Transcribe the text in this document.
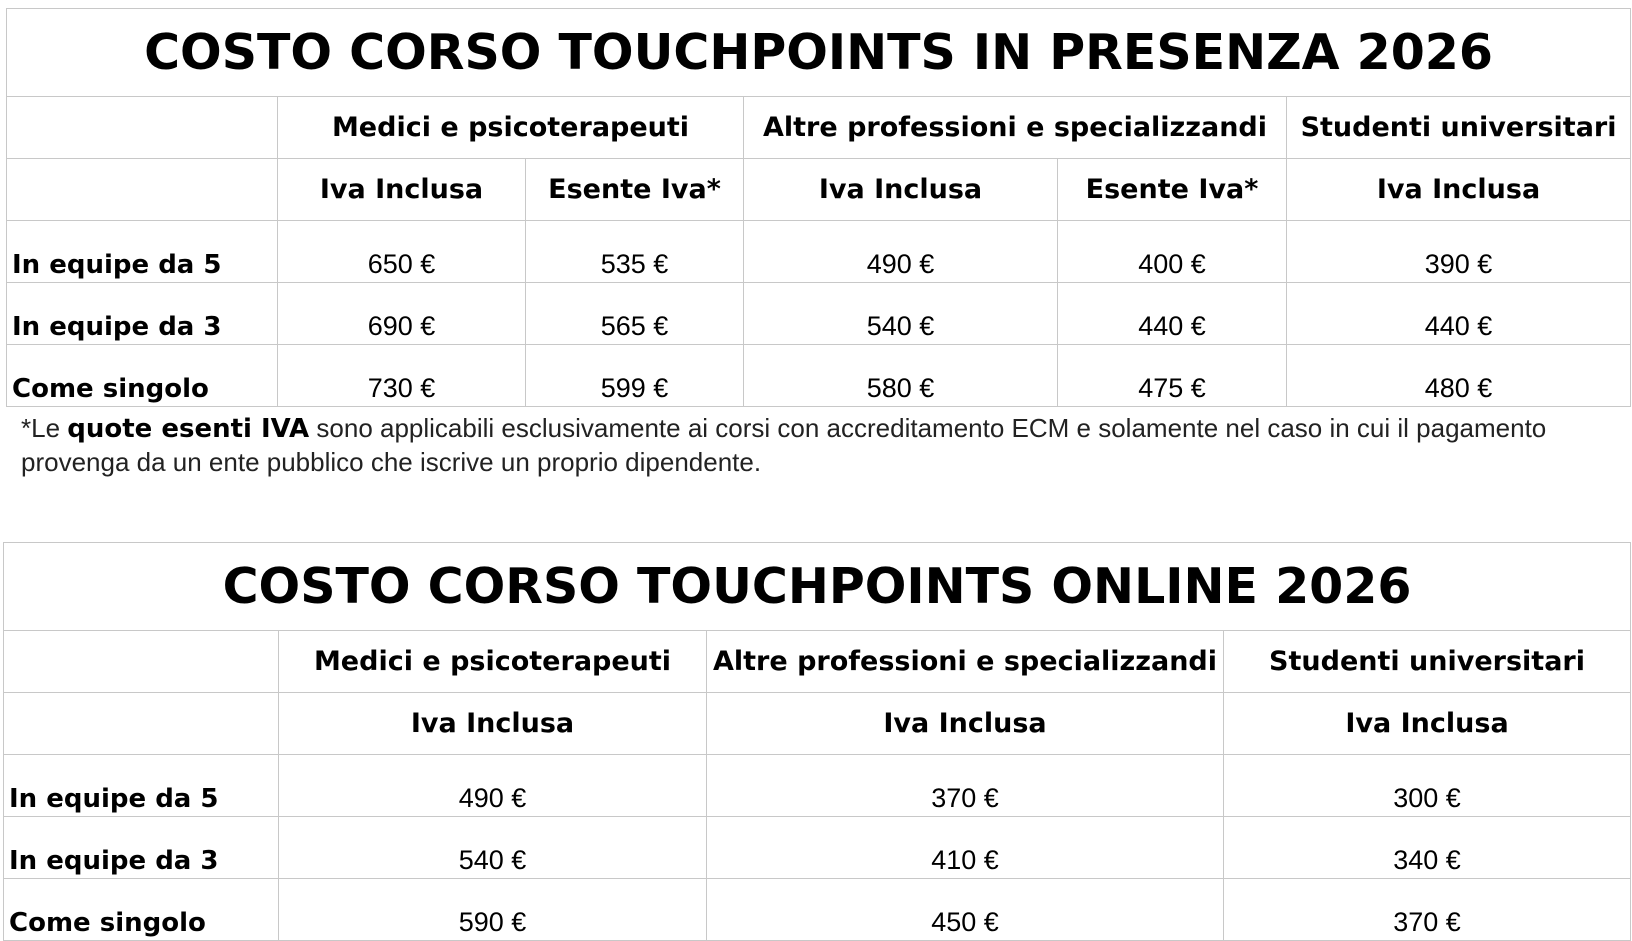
COSTO CORSO TOUCHPOINTS IN PRESENZA 2026					
	Medici e psicoterapeuti		Altre professioni e specializzandi		Studenti universitari
	Iva Inclusa	Esente Iva*	Iva Inclusa	Esente Iva*	Iva Inclusa
In equipe da 5	650 €	535 €	490 €	400 €	390 €
In equipe da 3	690 €	565 €	540 €	440 €	440 €
Come singolo	730 €	599 €	580 €	475 €	480 €
*Le quote esenti IVA sono applicabili esclusivamente ai corsi con accreditamento ECM e solamente nel caso in cui il pagamento provenga da un ente pubblico che iscrive un proprio dipendente.
COSTO CORSO TOUCHPOINTS ONLINE 2026			
	Medici e psicoterapeuti	Altre professioni e specializzandi	Studenti universitari
	Iva Inclusa	Iva Inclusa	Iva Inclusa
In equipe da 5	490 €	370 €	300 €
In equipe da 3	540 €	410 €	340 €
Come singolo	590 €	450 €	370 €
